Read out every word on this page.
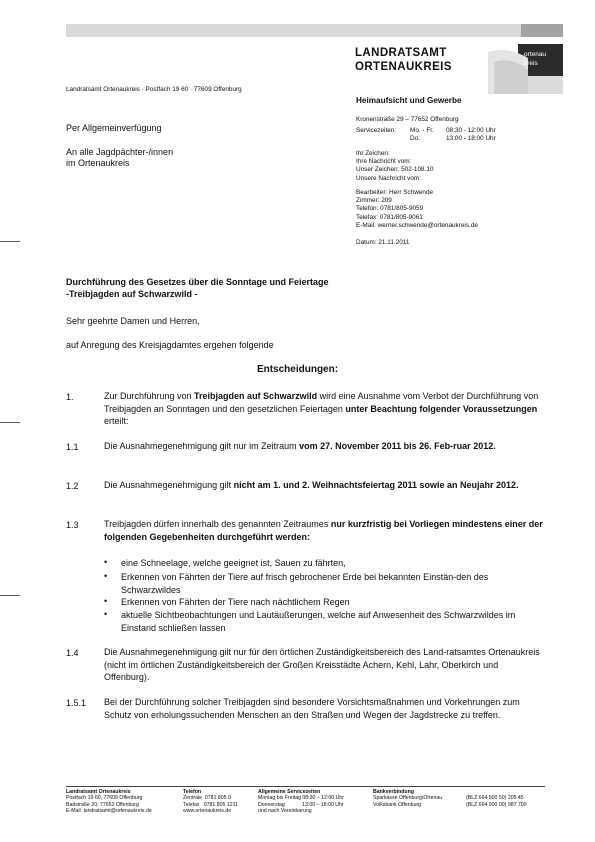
LANDRATSAMT
ORTENAUKREIS
ortenau
kreis
Landratsamt Ortenaukreis · Postfach 19 60 · 77609 Offenburg
Heimaufsicht und Gewerbe
Kronenstraße 29 – 77652 Offenburg
Servicezeiten: Mo. - Fr. 08:30 - 12:00 Uhr
Do.	13:00 - 18:00 Uhr
Ihr Zeichen:
Ihre Nachricht vom:
Unser Zeichen: 502-108.10
Unsere Nachricht vom:
Bearbeiter: Herr Schwende
Zimmer: 209
Telefon: 0781/805-9059
Telefax: 0781/805-9061
E-Mail: werner.schwende@ortenaukreis.de
Datum: 21.11.2011
Per Allgemeinverfügung
An alle Jagdpächter-/innen
im Ortenaukreis
Durchführung des Gesetzes über die Sonntage und Feiertage
-Treibjagden auf Schwarzwild -
Sehr geehrte Damen und Herren,
auf Anregung des Kreisjagdamtes ergehen folgende
Entscheidungen:
1.	Zur Durchführung von Treibjagden auf Schwarzwild wird eine Ausnahme vom Verbot der Durchführung von Treibjagden an Sonntagen und den gesetzlichen Feiertagen unter Beachtung folgender Voraussetzungen erteilt:
1.1	Die Ausnahmegenehmigung gilt nur im Zeitraum vom 27. November 2011 bis 26. Feb-ruar 2012.
1.2	Die Ausnahmegenehmigung gilt nicht am 1. und 2. Weihnachtsfeiertag 2011 sowie an Neujahr 2012.
1.3	Treibjagden dürfen innerhalb des genannten Zeitraumes nur kurzfristig bei Vorliegen mindestens einer der folgenden Gegebenheiten durchgeführt werden:
• eine Schneelage, welche geeignet ist, Sauen zu fährten,
• Erkennen von Fährten der Tiere auf frisch gebrochener Erde bei bekannten Einstän-den des Schwarzwildes
• Erkennen von Fährten der Tiere nach nächtlichem Regen
• aktuelle Sichtbeobachtungen und Lautäußerungen, welche auf Anwesenheit des Schwarzwildes im Einstand schließen lassen
1.4	Die Ausnahmegenehmigung gilt nur für den örtlichen Zuständigkeitsbereich des Land-ratsamtes Ortenaukreis (nicht im örtlichen Zuständigkeitsbereich der Großen Kreisstädte Achern, Kehl, Lahr, Oberkirch und Offenburg).
1.5.1 Bei der Durchführung solcher Treibjagden sind besondere Vorsichtsmaßnahmen und Vorkehrungen zum Schutz von erholungssuchenden Menschen an den Straßen und Wegen der Jagdstrecke zu treffen.
Landratsamt Ortenaukreis
Postfach 19 60, 77609 Offenburg
Badstraße 20, 77652 Offenburg
E-Mail: landratsamt@ortenaukreis.de
Telefon
Zentrale  0781 805 0
Telefax   0781 805 1211
www.ortenaukreis.de
Allgemeine Servicezeiten
Montag bis Freitag 08:30 – 12:00 Uhr
Donnerstag            13:00 – 18:00 Uhr
und nach Vereinbarung
Bankverbindung
Sparkasse Offenburg/Ortenau
Volksbank Offenburg

(BLZ 664 500 50) 205 45
(BLZ 664 900 00) 987 700
